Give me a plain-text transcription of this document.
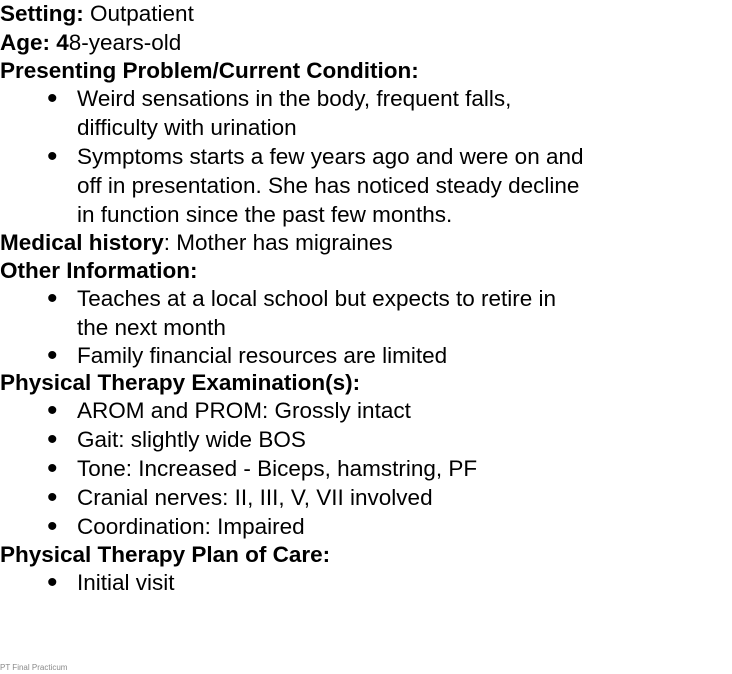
Setting: Outpatient
Age: 48-years-old
Presenting Problem/Current Condition:
• Weird sensations in the body, frequent falls,
difficulty with urination
• Symptoms starts a few years ago and were on and
off in presentation. She has noticed steady decline
in function since the past few months.
Medical history: Mother has migraines
Other Information:
• Teaches at a local school but expects to retire in
the next month
• Family financial resources are limited
Physical Therapy Examination(s):
• AROM and PROM: Grossly intact
• Gait: slightly wide BOS
• Tone: Increased - Biceps, hamstring, PF
• Cranial nerves: II, III, V, VII involved
• Coordination: Impaired
Physical Therapy Plan of Care:
• Initial visit
PT Final Practicum
